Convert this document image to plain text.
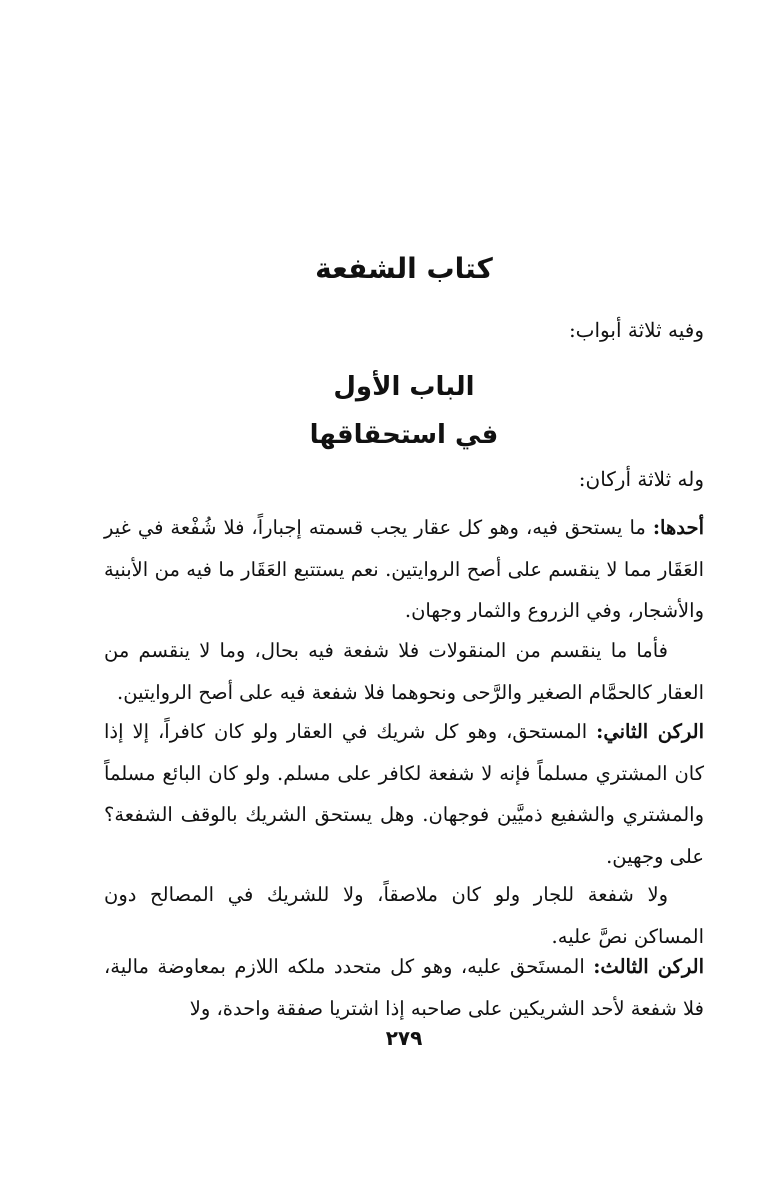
كتاب الشفعة
وفيه ثلاثة أبواب:
الباب الأول
في استحقاقها
وله ثلاثة أركان:
أحدها: ما يستحق فيه، وهو كل عقار يجب قسمته إجباراً، فلا شُفْعة في غير العَقَار مما لا ينقسم على أصح الروايتين. نعم يستتبع العَقَار ما فيه من الأبنية والأشجار، وفي الزروع والثمار وجهان.
فأما ما ينقسم من المنقولات فلا شفعة فيه بحال، وما لا ينقسم من العقار كالحمَّام الصغير والرَّحى ونحوهما فلا شفعة فيه على أصح الروايتين.
الركن الثاني: المستحق، وهو كل شريك في العقار ولو كان كافراً، إلا إذا كان المشتري مسلماً فإنه لا شفعة لكافر على مسلم. ولو كان البائع مسلماً والمشتري والشفيع ذميَّين فوجهان. وهل يستحق الشريك بالوقف الشفعة؟ على وجهين.
ولا شفعة للجار ولو كان ملاصقاً، ولا للشريك في المصالح دون المساكن نصَّ عليه.
الركن الثالث: المستَحق عليه، وهو كل متحدد ملكه اللازم بمعاوضة مالية، فلا شفعة لأحد الشريكين على صاحبه إذا اشتريا صفقة واحدة، ولا
٢٧٩
